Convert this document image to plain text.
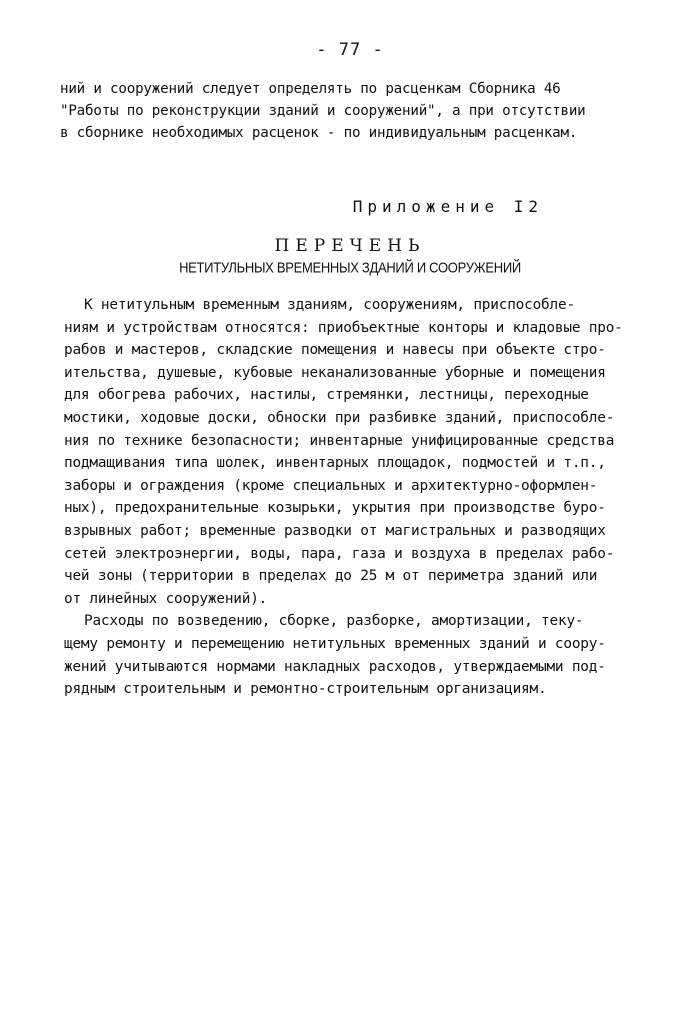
- 77 -
ний и сооружений следует определять по расценкам Сборника 46
"Работы по реконструкции зданий и сооружений", а при отсутствии
в сборнике необходимых расценок - по индивидуальным расценкам.
Приложение I2
ПЕРЕЧЕНЬ
НЕТИТУЛЬНЫХ ВРЕМЕННЫХ ЗДАНИЙ И СООРУЖЕНИЙ
К нетитульным временным зданиям, сооружениям, приспособле-
ниям и устройствам относятся: приобъектные конторы и кладовые про-
рабов и мастеров, складские помещения и навесы при объекте стро-
ительства, душевые, кубовые неканализованные уборные и помещения
для обогрева рабочих, настилы, стремянки, лестницы, переходные
мостики, ходовые доски, обноски при разбивке зданий, приспособле-
ния по технике безопасности; инвентарные унифицированные средства
подмащивания типа шолек, инвентарных площадок, подмостей и т.п.,
заборы и ограждения (кроме специальных и архитектурно-оформлен-
ных), предохранительные козырьки, укрытия при производстве буро-
взрывных работ; временные разводки от магистральных и разводящих
сетей электроэнергии, воды, пара, газа и воздуха в пределах рабо-
чей зоны (территории в пределах до 25 м от периметра зданий или
от линейных сооружений).
Расходы по возведению, сборке, разборке, амортизации, теку-
щему ремонту и перемещению нетитульных временных зданий и соору-
жений учитываются нормами накладных расходов, утверждаемыми под-
рядным строительным и ремонтно-строительным организациям.
